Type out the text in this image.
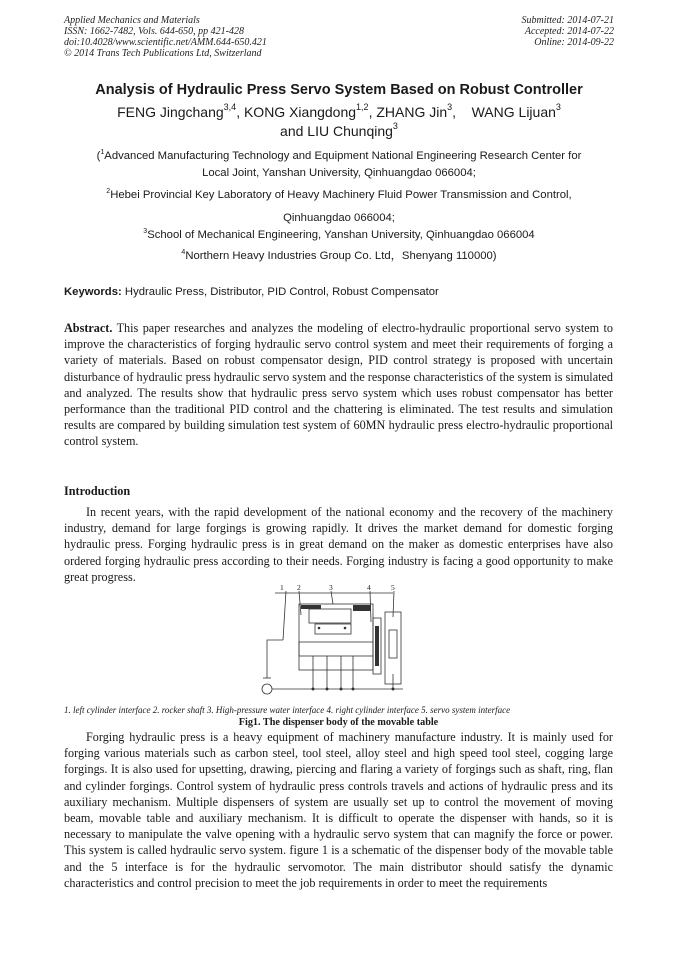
Applied Mechanics and Materials
ISSN: 1662-7482, Vols. 644-650, pp 421-428
doi:10.4028/www.scientific.net/AMM.644-650.421
© 2014 Trans Tech Publications Ltd, Switzerland
Submitted: 2014-07-21
Accepted: 2014-07-22
Online: 2014-09-22
Analysis of Hydraulic Press Servo System Based on Robust Controller
FENG Jingchang$^{3,4}$, KONG Xiangdong$^{1,2}$, ZHANG Jin$^3$,    WANG Lijuan$^3$
and LIU Chunqing$^3$
($^1$Advanced Manufacturing Technology and Equipment National Engineering Research Center for
Local Joint, Yanshan University, Qinhuangdao 066004;
$^2$Hebei Provincial Key Laboratory of Heavy Machinery Fluid Power Transmission and Control,
Qinhuangdao 066004;
$^3$School of Mechanical Engineering, Yanshan University, Qinhuangdao 066004
$^4$Northern Heavy Industries Group Co. Ltd，Shenyang 110000)
Keywords: Hydraulic Press, Distributor, PID Control, Robust Compensator
Abstract. This paper researches and analyzes the modeling of electro-hydraulic proportional servo system to improve the characteristics of forging hydraulic servo control system and meet their requirements of forging a variety of materials. Based on robust compensator design, PID control strategy is proposed with uncertain disturbance of hydraulic press hydraulic servo system and the response characteristics of the system is simulated and analyzed. The results show that hydraulic press servo system which uses robust compensator has better performance than the traditional PID control and the chattering is eliminated. The test results and simulation results are compared by building simulation test system of 60MN hydraulic press electro-hydraulic proportional control system.
Introduction
In recent years, with the rapid development of the national economy and the recovery of the machinery industry, demand for large forgings is growing rapidly. It drives the market demand for domestic forging hydraulic press. Forging hydraulic press is in great demand on the maker as domestic enterprises have also ordered forging hydraulic press according to their needs. Forging industry is facing a good opportunity to make great progress.
1 2	3	4	5
1. left cylinder interface 2. rocker shaft 3. High-pressure water interface 4. right cylinder interface 5. servo system interface
Fig1. The dispenser body of the movable table
Forging hydraulic press is a heavy equipment of machinery manufacture industry. It is mainly used for forging various materials such as carbon steel, tool steel, alloy steel and high speed tool steel, cogging large forgings. It is also used for upsetting, drawing, piercing and flaring a variety of forgings such as shaft, ring, flan and cylinder forgings. Control system of hydraulic press controls travels and actions of hydraulic press and its auxiliary mechanism. Multiple dispensers of system are usually set up to control the movement of moving beam, movable table and auxiliary mechanism. It is difficult to operate the dispenser with hands, so it is necessary to manipulate the valve opening with a hydraulic servo system that can magnify the force or power. This system is called hydraulic servo system. figure 1 is a schematic of the dispenser body of the movable table and the 5 interface is for the hydraulic servomotor. The main distributor should satisfy the dynamic characteristics and control precision to meet the job requirements in order to meet the requirements
